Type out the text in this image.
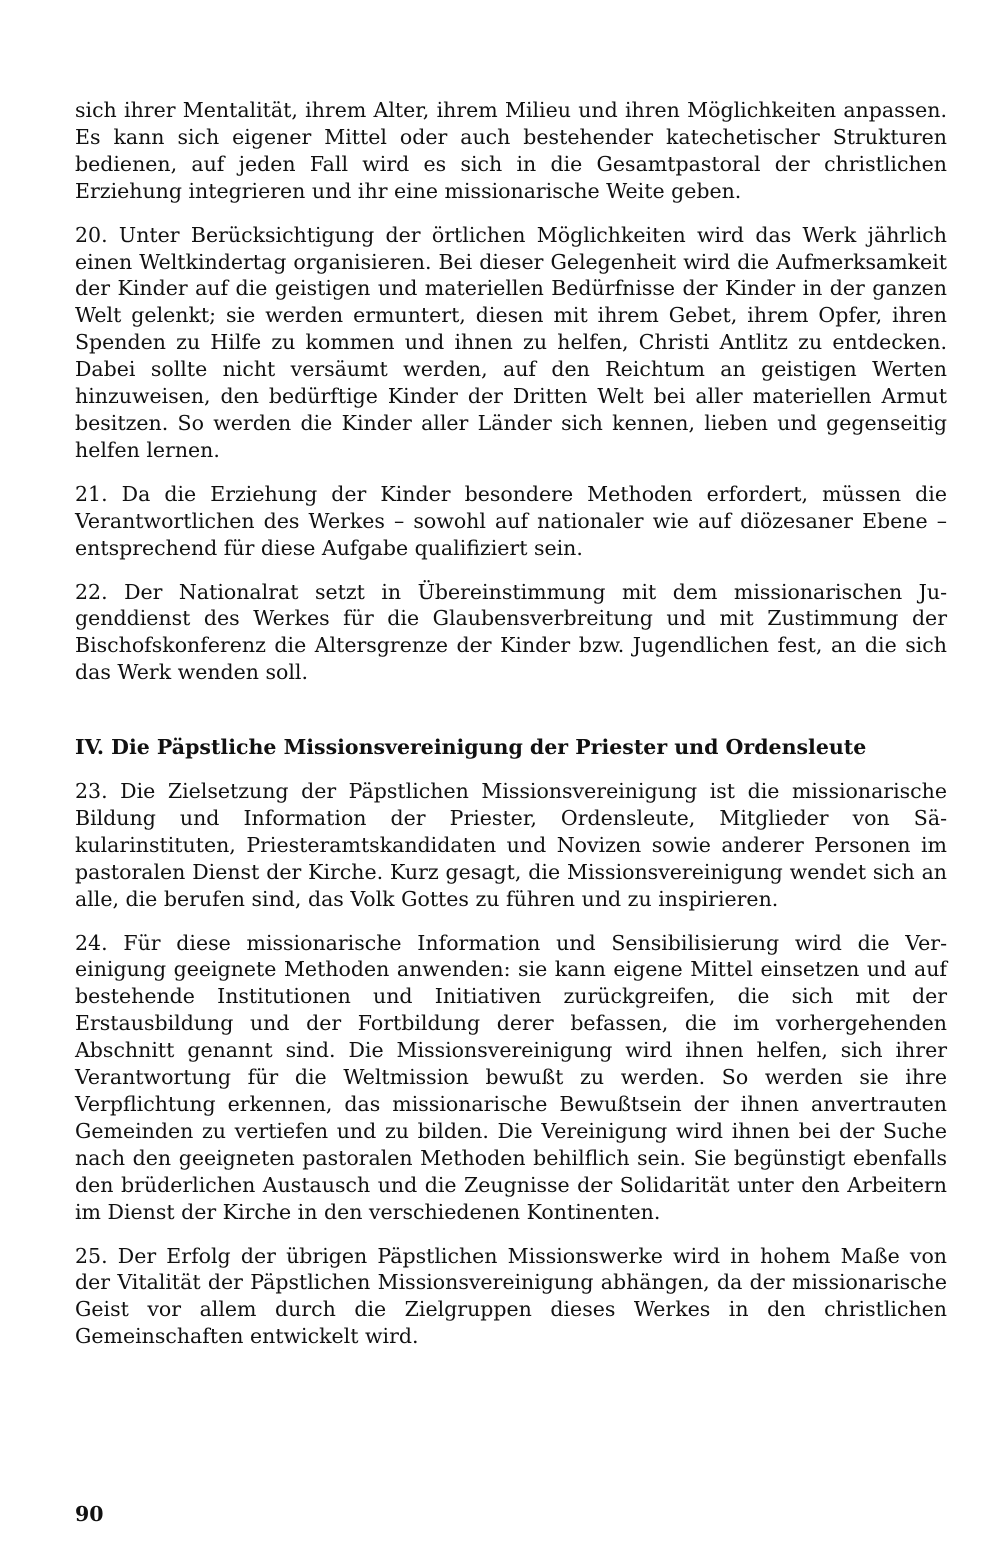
sich ihrer Mentalität, ihrem Alter, ihrem Milieu und ihren Möglichkeiten anpassen. Es kann sich eigener Mittel oder auch bestehender katechetischer Strukturen bedienen, auf jeden Fall wird es sich in die Gesamtpastoral der christlichen Erziehung integrieren und ihr eine missionarische Weite geben.

20. Unter Berücksichtigung der örtlichen Möglichkeiten wird das Werk jährlich einen Weltkindertag organisieren. Bei dieser Gelegenheit wird die Aufmerksamkeit der Kinder auf die geistigen und materiellen Bedürfnisse der Kinder in der ganzen Welt gelenkt; sie werden ermuntert, diesen mit ihrem Gebet, ihrem Opfer, ihren Spenden zu Hilfe zu kommen und ihnen zu helfen, Christi Antlitz zu entdecken. Dabei sollte nicht versäumt werden, auf den Reichtum an geistigen Werten hinzuweisen, den bedürftige Kinder der Dritten Welt bei aller materiellen Armut besitzen. So werden die Kinder aller Länder sich kennen, lieben und gegenseitig helfen lernen.

21. Da die Erziehung der Kinder besondere Methoden erfordert, müssen die Verantwortlichen des Werkes – sowohl auf nationaler wie auf diözesaner Ebene – entsprechend für diese Aufgabe qualifiziert sein.

22. Der Nationalrat setzt in Übereinstimmung mit dem missionarischen Jugenddienst des Werkes für die Glaubensverbreitung und mit Zustimmung der Bischofskonferenz die Altersgrenze der Kinder bzw. Jugendlichen fest, an die sich das Werk wenden soll.

IV. Die Päpstliche Missionsvereinigung der Priester und Ordensleute

23. Die Zielsetzung der Päpstlichen Missionsvereinigung ist die missionarische Bildung und Information der Priester, Ordensleute, Mitglieder von Säkularinstituten, Priesteramtskandidaten und Novizen sowie anderer Personen im pastoralen Dienst der Kirche. Kurz gesagt, die Missionsvereinigung wendet sich an alle, die berufen sind, das Volk Gottes zu führen und zu inspirieren.

24. Für diese missionarische Information und Sensibilisierung wird die Vereinigung geeignete Methoden anwenden: sie kann eigene Mittel einsetzen und auf bestehende Institutionen und Initiativen zurückgreifen, die sich mit der Erstausbildung und der Fortbildung derer befassen, die im vorhergehenden Abschnitt genannt sind. Die Missionsvereinigung wird ihnen helfen, sich ihrer Verantwortung für die Weltmission bewußt zu werden. So werden sie ihre Verpflichtung erkennen, das missionarische Bewußtsein der ihnen anvertrauten Gemeinden zu vertiefen und zu bilden. Die Vereinigung wird ihnen bei der Suche nach den geeigneten pastoralen Methoden behilflich sein. Sie begünstigt ebenfalls den brüderlichen Austausch und die Zeugnisse der Solidarität unter den Arbeitern im Dienst der Kirche in den verschiedenen Kontinenten.

25. Der Erfolg der übrigen Päpstlichen Missionswerke wird in hohem Maße von der Vitalität der Päpstlichen Missionsvereinigung abhängen, da der missionarische Geist vor allem durch die Zielgruppen dieses Werkes in den christlichen Gemeinschaften entwickelt wird.

90
